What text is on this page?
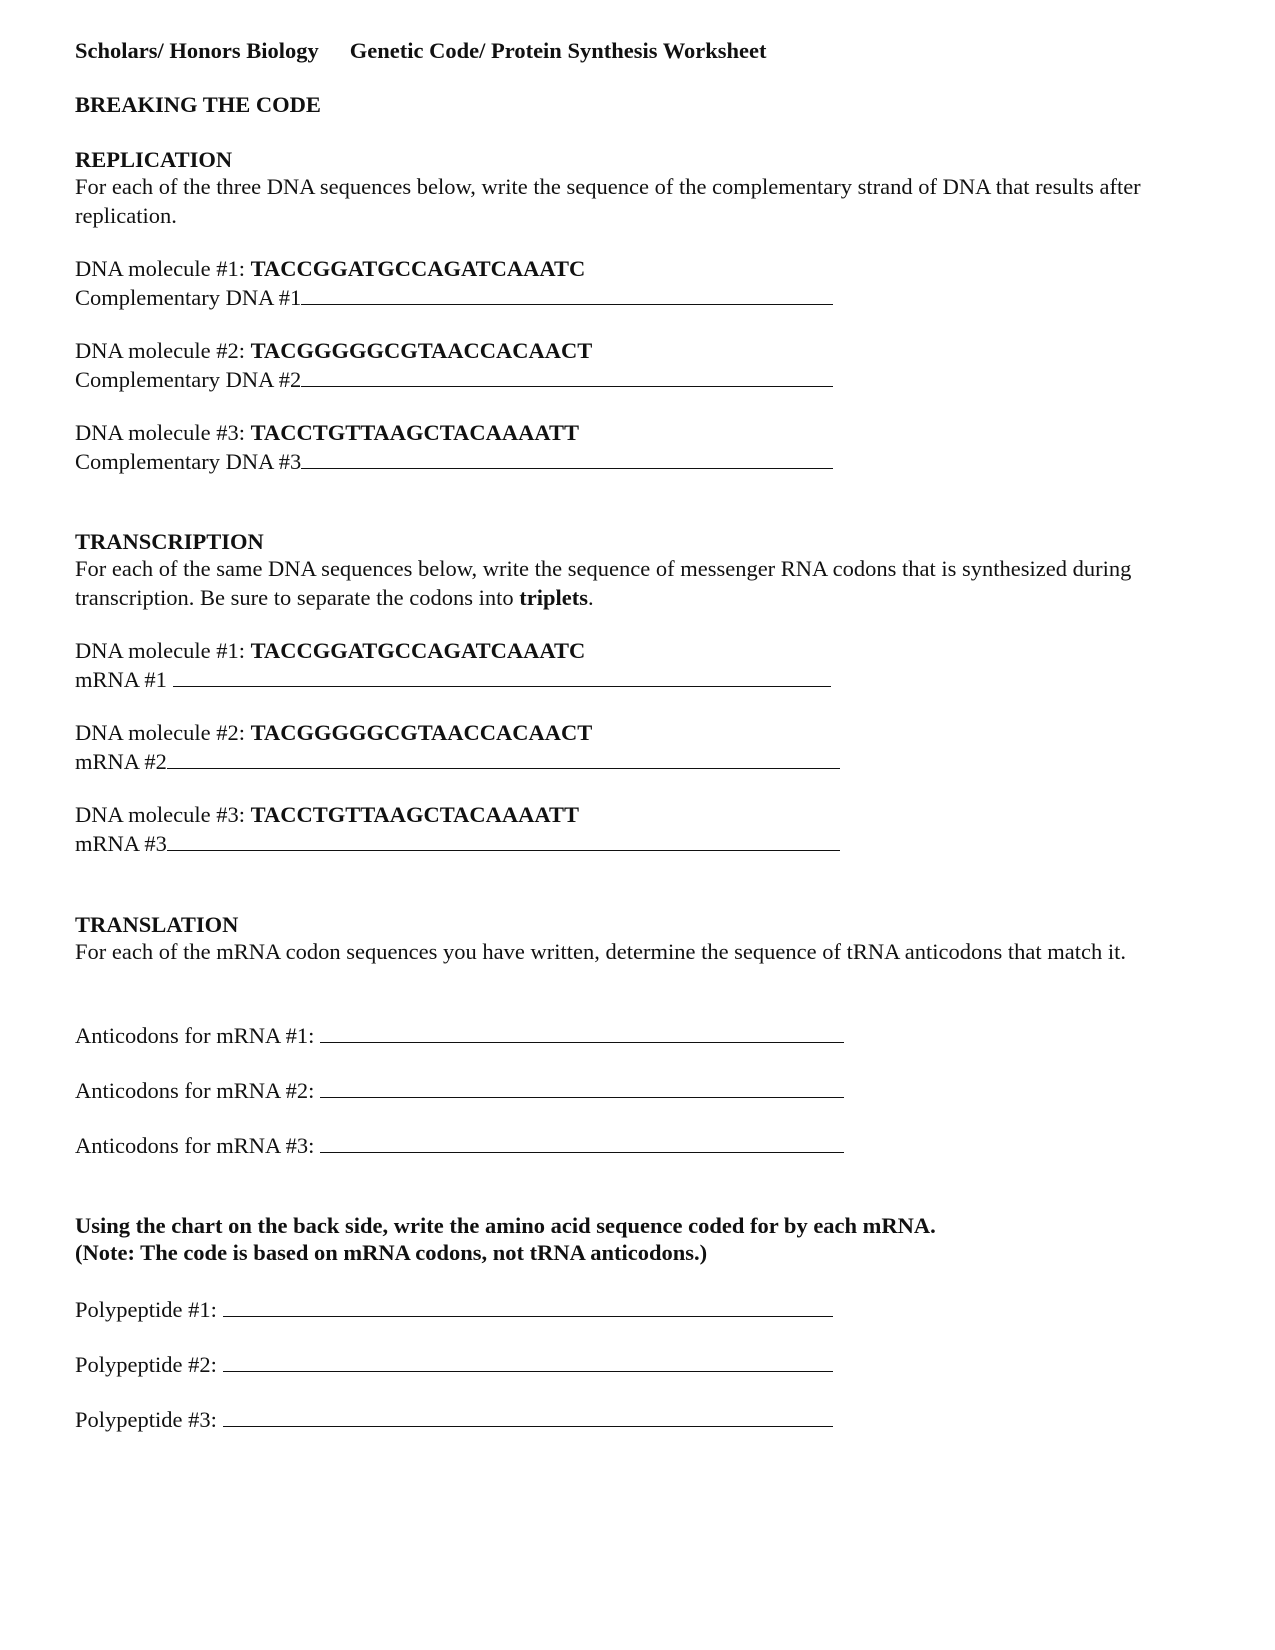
Scholars/ Honors Biology Genetic Code/ Protein Synthesis Worksheet
BREAKING THE CODE
REPLICATION
For each of the three DNA sequences below, write the sequence of the complementary strand of DNA that results after replication.
DNA molecule #1: TACCGGATGCCAGATCAAATC
Complementary DNA #1
DNA molecule #2: TACGGGGGCGTAACCACAACT
Complementary DNA #2
DNA molecule #3: TACCTGTTAAGCTACAAAATT
Complementary DNA #3
TRANSCRIPTION
For each of the same DNA sequences below, write the sequence of messenger RNA codons that is synthesized during transcription. Be sure to separate the codons into triplets.
DNA molecule #1: TACCGGATGCCAGATCAAATC
mRNA #1
DNA molecule #2: TACGGGGGCGTAACCACAACT
mRNA #2
DNA molecule #3: TACCTGTTAAGCTACAAAATT
mRNA #3
TRANSLATION
For each of the mRNA codon sequences you have written, determine the sequence of tRNA anticodons that match it.
Anticodons for mRNA #1:
Anticodons for mRNA #2:
Anticodons for mRNA #3:
Using the chart on the back side, write the amino acid sequence coded for by each mRNA.
(Note: The code is based on mRNA codons, not tRNA anticodons.)
Polypeptide #1:
Polypeptide #2:
Polypeptide #3:
